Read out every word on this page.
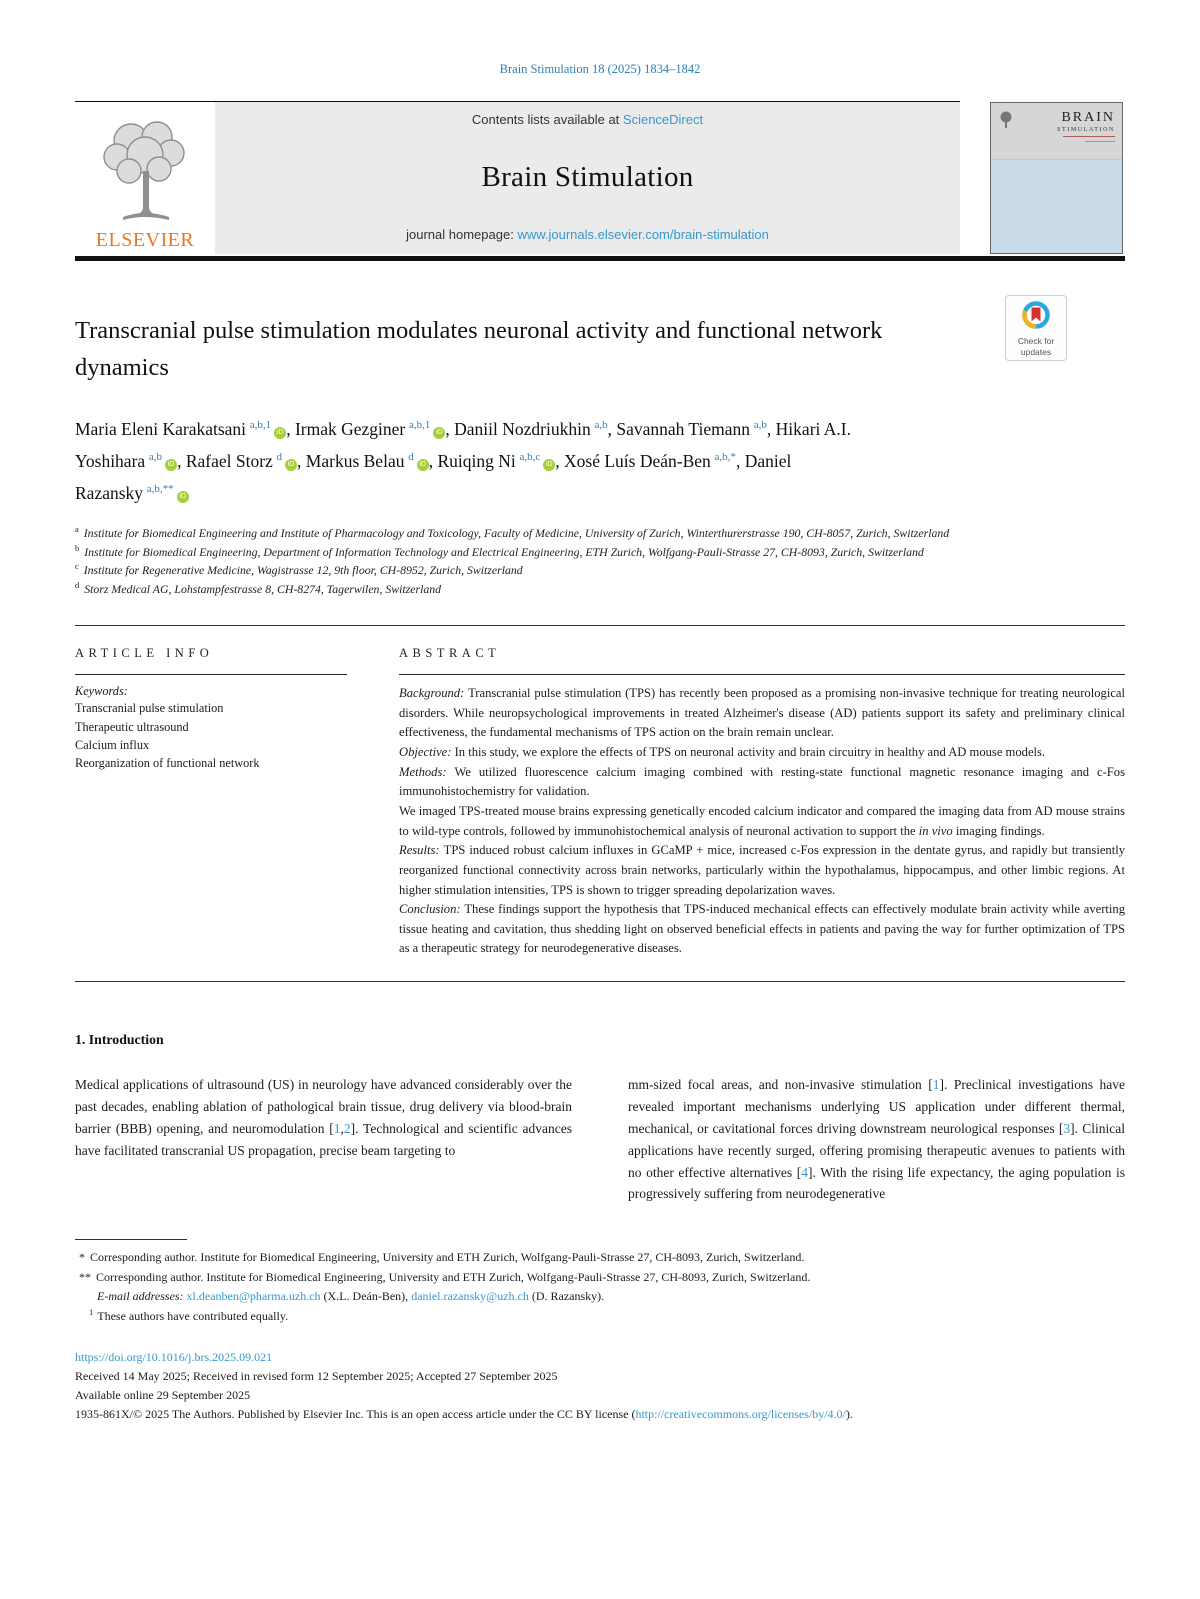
Brain Stimulation 18 (2025) 1834–1842
ELSEVIER
Contents lists available at ScienceDirect
Brain Stimulation
journal homepage: www.journals.elsevier.com/brain-stimulation
BRAIN
STIMULATION
Check for
updates
Transcranial pulse stimulation modulates neuronal activity and functional network dynamics
Maria Eleni Karakatsani $^{a,b,1}$iD , Irmak Gezginer $^{a,b,1}$iD , Daniil Nozdriukhin $^{a,b}$, Savannah Tiemann $^{a,b}$, Hikari A.I. Yoshihara $^{a,b}$iD , Rafael Storz $^d$iD , Markus Belau $^d$iD , Ruiqing Ni $^{a,b,c}$iD , Xosé Luís Deán-Ben $^{a,b,*}$, Daniel Razansky $^{a,b,**}$iD
$^a$ Institute for Biomedical Engineering and Institute of Pharmacology and Toxicology, Faculty of Medicine, University of Zurich, Winterthurerstrasse 190, CH-8057, Zurich, Switzerland
$^b$ Institute for Biomedical Engineering, Department of Information Technology and Electrical Engineering, ETH Zurich, Wolfgang-Pauli-Strasse 27, CH-8093, Zurich, Switzerland
$^c$ Institute for Regenerative Medicine, Wagistrasse 12, 9th floor, CH-8952, Zurich, Switzerland
$^d$ Storz Medical AG, Lohstampfestrasse 8, CH-8274, Tagerwilen, Switzerland
ARTICLE INFO
Keywords:
Transcranial pulse stimulation
Therapeutic ultrasound
Calcium influx
Reorganization of functional network
ABSTRACT
Background: Transcranial pulse stimulation (TPS) has recently been proposed as a promising non-invasive technique for treating neurological disorders. While neuropsychological improvements in treated Alzheimer's disease (AD) patients support its safety and preliminary clinical effectiveness, the fundamental mechanisms of TPS action on the brain remain unclear.
Objective: In this study, we explore the effects of TPS on neuronal activity and brain circuitry in healthy and AD mouse models.
Methods: We utilized fluorescence calcium imaging combined with resting-state functional magnetic resonance imaging and c-Fos immunohistochemistry for validation.
We imaged TPS-treated mouse brains expressing genetically encoded calcium indicator and compared the imaging data from AD mouse strains to wild-type controls, followed by immunohistochemical analysis of neuronal activation to support the in vivo imaging findings.
Results: TPS induced robust calcium influxes in GCaMP + mice, increased c-Fos expression in the dentate gyrus, and rapidly but transiently reorganized functional connectivity across brain networks, particularly within the hypothalamus, hippocampus, and other limbic regions. At higher stimulation intensities, TPS is shown to trigger spreading depolarization waves.
Conclusion: These findings support the hypothesis that TPS-induced mechanical effects can effectively modulate brain activity while averting tissue heating and cavitation, thus shedding light on observed beneficial effects in patients and paving the way for further optimization of TPS as a therapeutic strategy for neurodegenerative diseases.
1. Introduction
Medical applications of ultrasound (US) in neurology have advanced considerably over the past decades, enabling ablation of pathological brain tissue, drug delivery via blood-brain barrier (BBB) opening, and neuromodulation [1,2]. Technological and scientific advances have facilitated transcranial US propagation, precise beam targeting to
mm-sized focal areas, and non-invasive stimulation [1]. Preclinical investigations have revealed important mechanisms underlying US application under different thermal, mechanical, or cavitational forces driving downstream neurological responses [3]. Clinical applications have recently surged, offering promising therapeutic avenues to patients with no other effective alternatives [4]. With the rising life expectancy, the aging population is progressively suffering from neurodegenerative
* Corresponding author. Institute for Biomedical Engineering, University and ETH Zurich, Wolfgang-Pauli-Strasse 27, CH-8093, Zurich, Switzerland.
** Corresponding author. Institute for Biomedical Engineering, University and ETH Zurich, Wolfgang-Pauli-Strasse 27, CH-8093, Zurich, Switzerland.
E-mail addresses: xl.deanben@pharma.uzh.ch (X.L. Deán-Ben), daniel.razansky@uzh.ch (D. Razansky).
$^1$ These authors have contributed equally.
https://doi.org/10.1016/j.brs.2025.09.021
Received 14 May 2025; Received in revised form 12 September 2025; Accepted 27 September 2025
Available online 29 September 2025
1935-861X/© 2025 The Authors. Published by Elsevier Inc. This is an open access article under the CC BY license (http://creativecommons.org/licenses/by/4.0/).
